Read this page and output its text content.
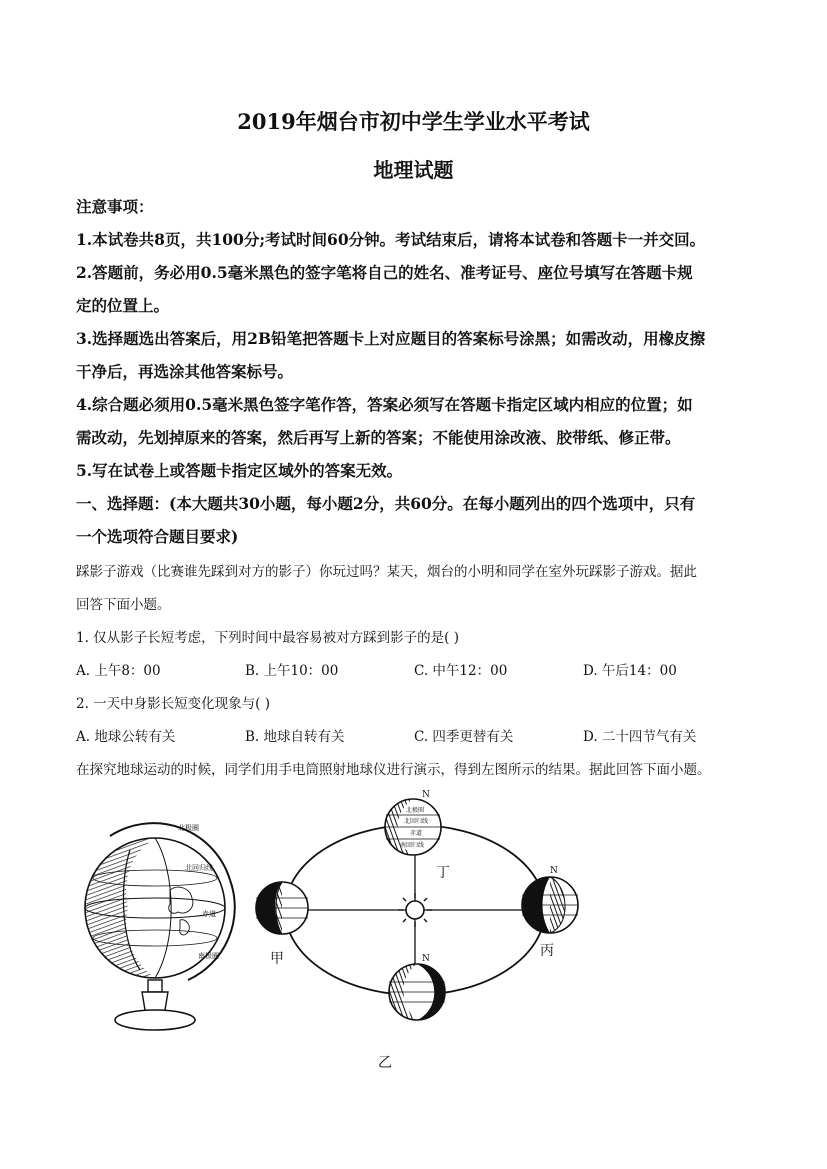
2019年烟台市初中学生学业水平考试
地理试题
注意事项：
1.本试卷共8页，共100分;考试时间60分钟。考试结束后，请将本试卷和答题卡一并交回。
2.答题前，务必用0.5毫米黑色的签字笔将自己的姓名、准考证号、座位号填写在答题卡规
定的位置上。
3.选择题选出答案后，用2B铅笔把答题卡上对应题目的答案标号涂黑；如需改动，用橡皮擦
干净后，再选涂其他答案标号。
4.综合题必须用0.5毫米黑色签字笔作答，答案必须写在答题卡指定区域内相应的位置；如
需改动，先划掉原来的答案，然后再写上新的答案；不能使用涂改液、胶带纸、修正带。
5.写在试卷上或答题卡指定区域外的答案无效。
一、选择题：(本大题共30小题，每小题2分，共60分。在每小题列出的四个选项中，只有
一个选项符合题目要求)
踩影子游戏（比赛谁先踩到对方的影子）你玩过吗？某天，烟台的小明和同学在室外玩踩影子游戏。据此
回答下面小题。
1. 仅从影子长短考虑，下列时间中最容易被对方踩到影子的是( )
A. 上午8：00	B. 上午10：00	C. 中午12：00	D. 午后14：00
2. 一天中身影长短变化现象与( )
A. 地球公转有关	B. 地球自转有关	C. 四季更替有关	D. 二十四节气有关
在探究地球运动的时候，同学们用手电筒照射地球仪进行演示，得到左图所示的结果。据此回答下面小题。
北极圈
北回归线
赤道
南极圈
北极圈
北回归线
赤道
南回归线
N
丁
甲
N
丙
N
乙
